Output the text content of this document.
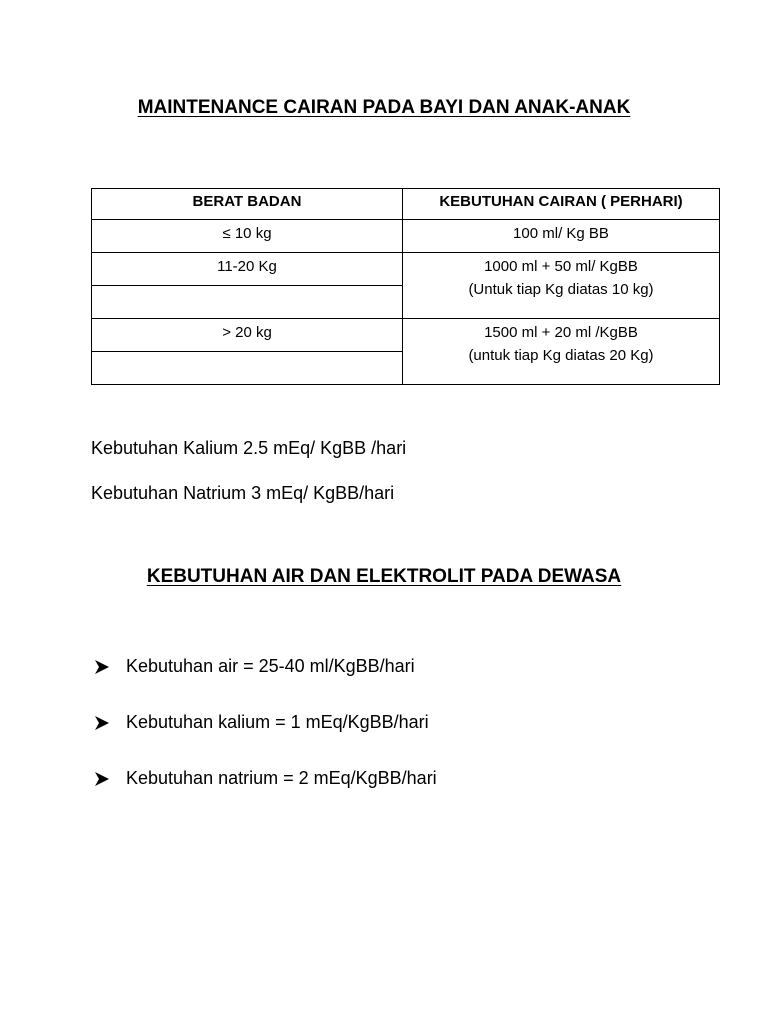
MAINTENANCE CAIRAN PADA BAYI DAN ANAK-ANAK
BERAT BADAN	KEBUTUHAN CAIRAN ( PERHARI)
≤ 10 kg	100 ml/ Kg BB
11-20 Kg	1000 ml + 50 ml/ KgBB
(Untuk tiap Kg diatas 10 kg)

> 20 kg	1500 ml + 20 ml /KgBB
(untuk tiap Kg diatas 20 Kg)

Kebutuhan Kalium 2.5 mEq/ KgBB /hari
Kebutuhan Natrium 3 mEq/ KgBB/hari
KEBUTUHAN AIR DAN ELEKTROLIT PADA DEWASA
Kebutuhan air = 25-40 ml/KgBB/hari
Kebutuhan kalium = 1 mEq/KgBB/hari
Kebutuhan natrium = 2 mEq/KgBB/hari
